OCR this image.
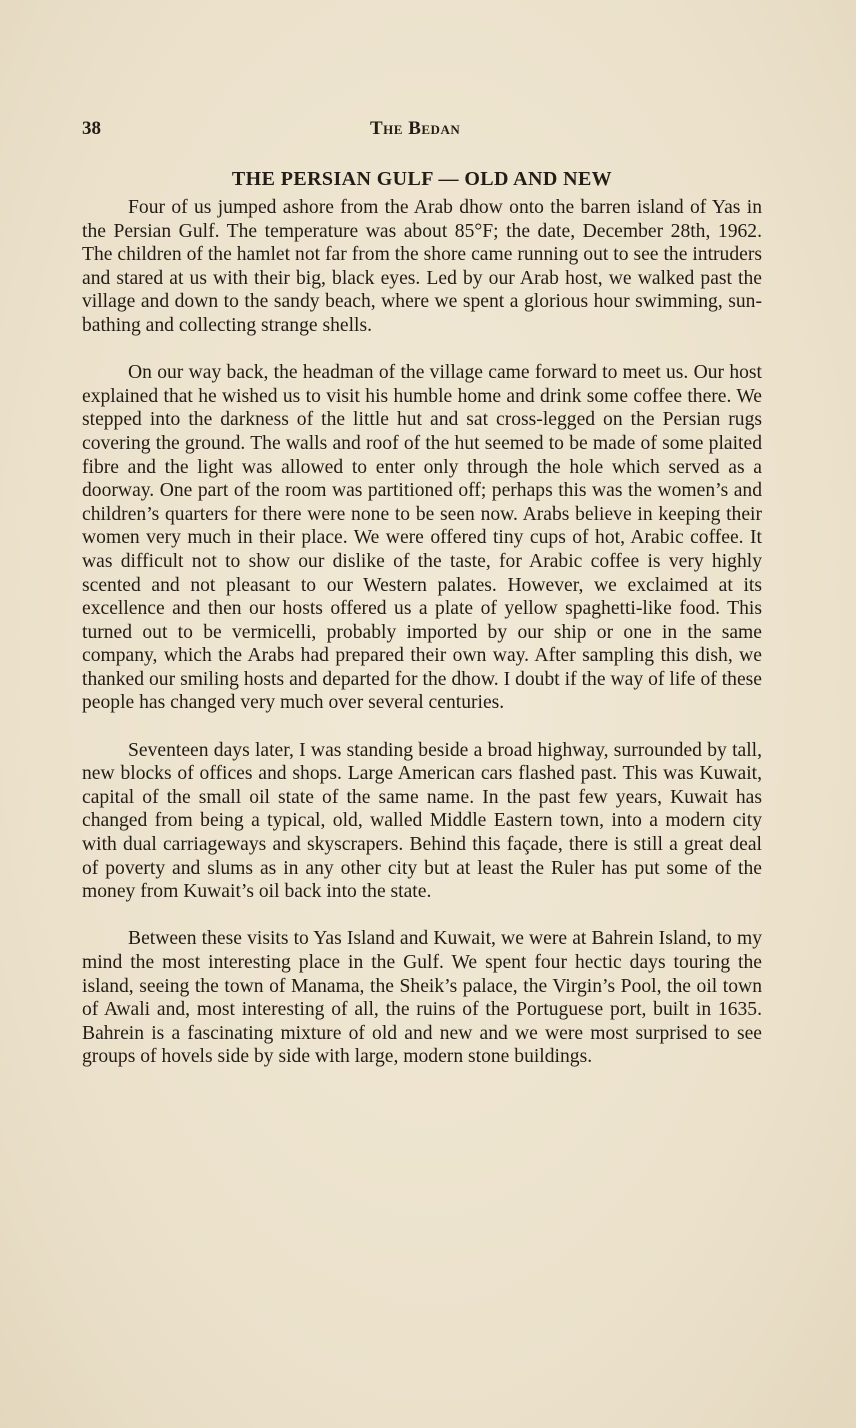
38	The Bedan
THE PERSIAN GULF — OLD AND NEW

Four of us jumped ashore from the Arab dhow onto the barren island of Yas in the Persian Gulf. The temperature was about 85°F; the date, December 28th, 1962. The children of the hamlet not far from the shore came running out to see the intruders and stared at us with their big, black eyes. Led by our Arab host, we walked past the village and down to the sandy beach, where we spent a glorious hour swimming, sun-bathing and collecting strange shells.

On our way back, the headman of the village came forward to meet us. Our host explained that he wished us to visit his humble home and drink some coffee there. We stepped into the darkness of the little hut and sat cross-legged on the Persian rugs covering the ground. The walls and roof of the hut seemed to be made of some plaited fibre and the light was allowed to enter only through the hole which served as a doorway. One part of the room was partitioned off; perhaps this was the women’s and children’s quarters for there were none to be seen now. Arabs believe in keeping their women very much in their place. We were offered tiny cups of hot, Arabic coffee. It was difficult not to show our dislike of the taste, for Arabic coffee is very highly scented and not pleasant to our Western palates. However, we exclaimed at its excellence and then our hosts offered us a plate of yellow spaghetti-like food. This turned out to be vermicelli, probably imported by our ship or one in the same company, which the Arabs had prepared their own way. After sampling this dish, we thanked our smiling hosts and departed for the dhow. I doubt if the way of life of these people has changed very much over several centuries.

Seventeen days later, I was standing beside a broad highway, surrounded by tall, new blocks of offices and shops. Large American cars flashed past. This was Kuwait, capital of the small oil state of the same name. In the past few years, Kuwait has changed from being a typical, old, walled Middle Eastern town, into a modern city with dual carriageways and skyscrapers. Behind this façade, there is still a great deal of poverty and slums as in any other city but at least the Ruler has put some of the money from Kuwait’s oil back into the state.

Between these visits to Yas Island and Kuwait, we were at Bahrein Island, to my mind the most interesting place in the Gulf. We spent four hectic days touring the island, seeing the town of Manama, the Sheik’s palace, the Virgin’s Pool, the oil town of Awali and, most interesting of all, the ruins of the Portuguese port, built in 1635. Bahrein is a fascinating mixture of old and new and we were most surprised to see groups of hovels side by side with large, modern stone buildings.
